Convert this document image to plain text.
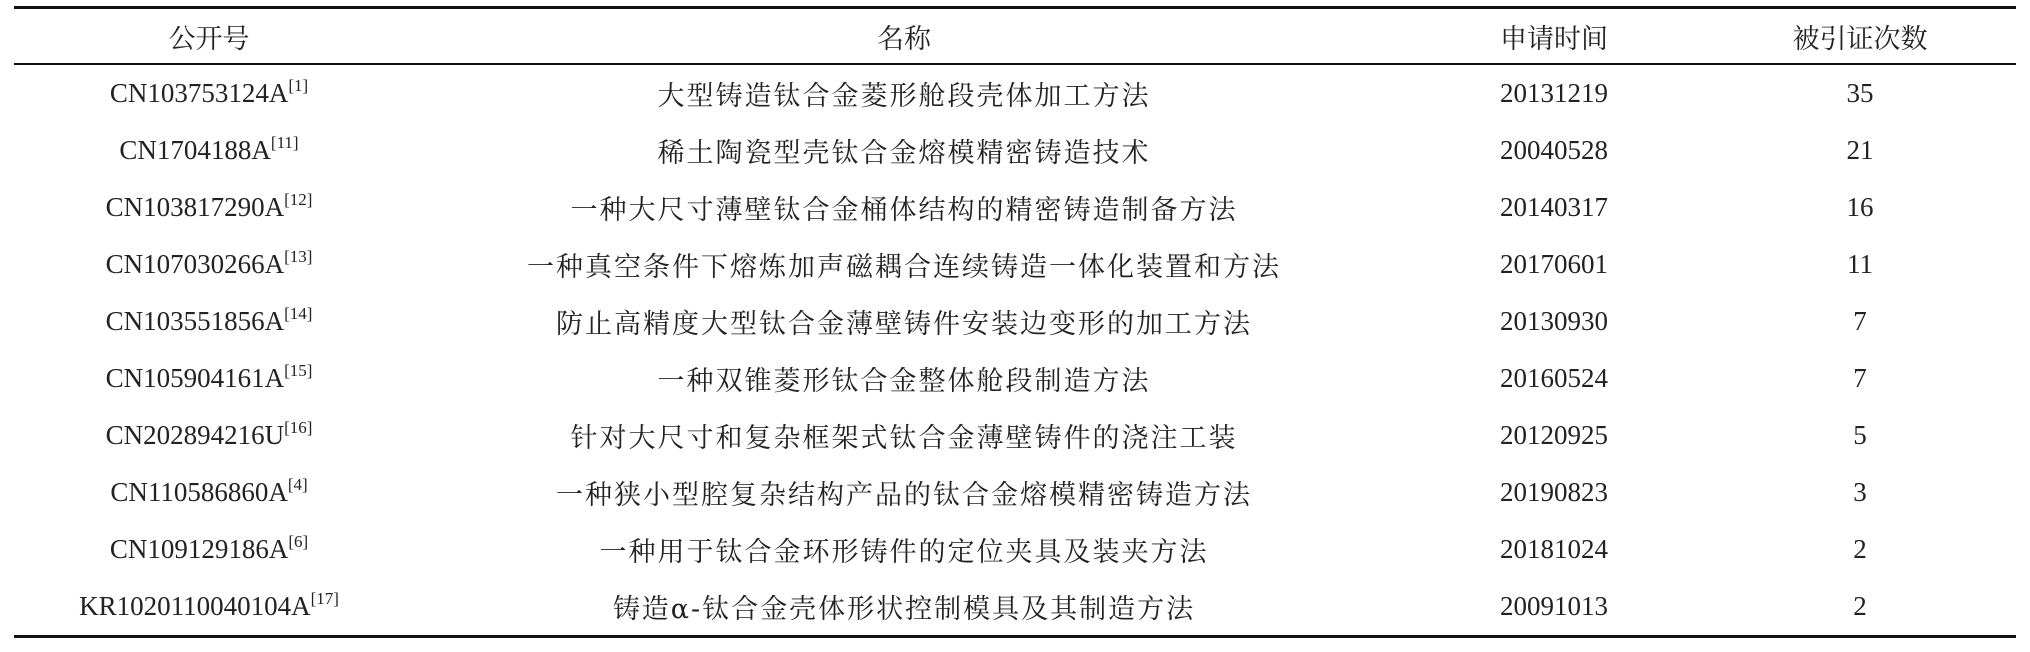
公开号	名称	申请时间	被引证次数
CN103753124A[1]	大型铸造钛合金菱形舱段壳体加工方法	20131219	35
CN1704188A[11]	稀土陶瓷型壳钛合金熔模精密铸造技术	20040528	21
CN103817290A[12]	一种大尺寸薄壁钛合金桶体结构的精密铸造制备方法	20140317	16
CN107030266A[13]	一种真空条件下熔炼加声磁耦合连续铸造一体化装置和方法	20170601	11
CN103551856A[14]	防止高精度大型钛合金薄壁铸件安装边变形的加工方法	20130930	7
CN105904161A[15]	一种双锥菱形钛合金整体舱段制造方法	20160524	7
CN202894216U[16]	针对大尺寸和复杂框架式钛合金薄壁铸件的浇注工装	20120925	5
CN110586860A[4]	一种狭小型腔复杂结构产品的钛合金熔模精密铸造方法	20190823	3
CN109129186A[6]	一种用于钛合金环形铸件的定位夹具及装夹方法	20181024	2
KR1020110040104A[17]	铸造α-钛合金壳体形状控制模具及其制造方法	20091013	2
